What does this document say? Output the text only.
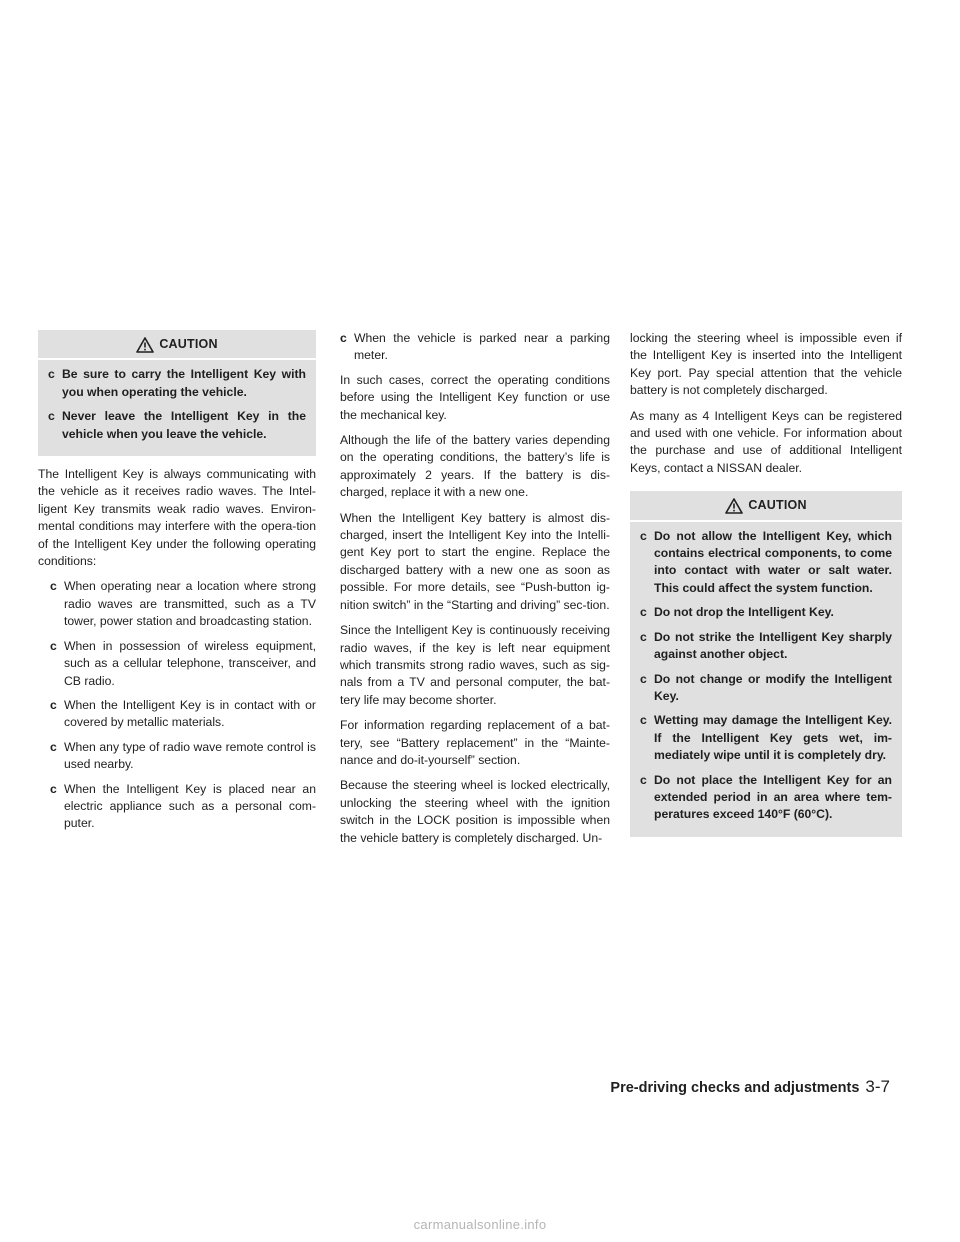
CAUTION
c Be sure to carry the Intelligent Key with you when operating the vehicle.
c Never leave the Intelligent Key in the vehicle when you leave the vehicle.

The Intelligent Key is always communicating with the vehicle as it receives radio waves. The Intel-ligent Key transmits weak radio waves. Environ-mental conditions may interfere with the opera-tion of the Intelligent Key under the following operating conditions:

c When operating near a location where strong radio waves are transmitted, such as a TV tower, power station and broadcasting station.
c When in possession of wireless equipment, such as a cellular telephone, transceiver, and CB radio.
c When the Intelligent Key is in contact with or covered by metallic materials.
c When any type of radio wave remote control is used nearby.
c When the Intelligent Key is placed near an electric appliance such as a personal com-puter.
c When the vehicle is parked near a parking meter.

In such cases, correct the operating conditions before using the Intelligent Key function or use the mechanical key.

Although the life of the battery varies depending on the operating conditions, the battery’s life is approximately 2 years. If the battery is dis-charged, replace it with a new one.

When the Intelligent Key battery is almost dis-charged, insert the Intelligent Key into the Intelli-gent Key port to start the engine. Replace the discharged battery with a new one as soon as possible. For more details, see “Push-button ig-nition switch” in the “Starting and driving” sec-tion.

Since the Intelligent Key is continuously receiving radio waves, if the key is left near equipment which transmits strong radio waves, such as sig-nals from a TV and personal computer, the bat-tery life may become shorter.

For information regarding replacement of a bat-tery, see “Battery replacement” in the “Mainte-nance and do-it-yourself” section.

Because the steering wheel is locked electrically, unlocking the steering wheel with the ignition switch in the LOCK position is impossible when the vehicle battery is completely discharged. Un-

locking the steering wheel is impossible even if the Intelligent Key is inserted into the Intelligent Key port. Pay special attention that the vehicle battery is not completely discharged.

As many as 4 Intelligent Keys can be registered and used with one vehicle. For information about the purchase and use of additional Intelligent Keys, contact a NISSAN dealer.

CAUTION
c Do not allow the Intelligent Key, which contains electrical components, to come into contact with water or salt water. This could affect the system function.
c Do not drop the Intelligent Key.
c Do not strike the Intelligent Key sharply against another object.
c Do not change or modify the Intelligent Key.
c Wetting may damage the Intelligent Key. If the Intelligent Key gets wet, im-mediately wipe until it is completely dry.
c Do not place the Intelligent Key for an extended period in an area where tem-peratures exceed 140°F (60°C).
Pre-driving checks and adjustments 3-7
carmanualsonline.info
